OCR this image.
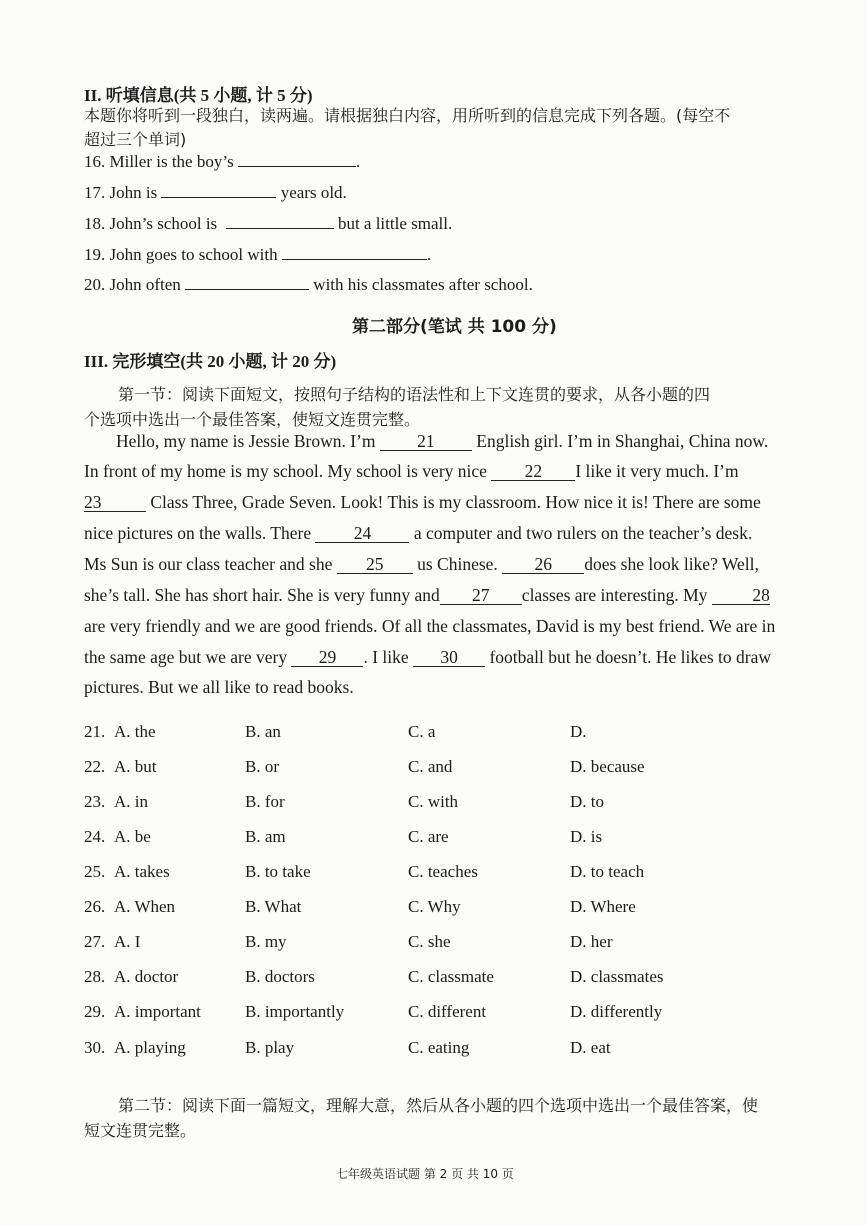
II. 听填信息(共 5 小题, 计 5 分)
本题你将听到一段独白，读两遍。请根据独白内容，用所听到的信息完成下列各题。(每空不
超过三个单词)
16. Miller is the boy’s	.
17. John is	years old.
18. John’s school is	but a little small.
19. John goes to school with	.
20. John often	with his classmates after school.
第二部分(笔试 共 100 分)
III. 完形填空(共 20 小题, 计 20 分)
第一节：阅读下面短文，按照句子结构的语法性和上下文连贯的要求，从各小题的四
个选项中选出一个最佳答案，使短文连贯完整。
Hello, my name is Jessie Brown. I’m 21 English girl. I’m in Shanghai, China now.
In front of my home is my school. My school is very nice 22 I like it very much. I’m
23	Class Three, Grade Seven. Look! This is my classroom. How nice it is! There are some
nice pictures on the walls. There 24 a computer and two rulers on the teacher’s desk.
Ms Sun is our class teacher and she 25 us Chinese. 26 does she look like? Well,
she’s tall. She has short hair. She is very funny and 27 classes are interesting. My	28
are very friendly and we are good friends. Of all the classmates, David is my best friend. We are in
the same age but we are very 29 . I like 30 football but he doesn’t. He likes to draw
pictures. But we all like to read books.
21. A. the	B. an	C. a	D.
22. A. but	B. or	C. and	D. because
23. A. in	B. for	C. with	D. to
24. A. be	B. am	C. are	D. is
25. A. takes	B. to take	C. teaches	D. to teach
26. A. When	B. What	C. Why	D. Where
27. A. I	B. my	C. she	D. her
28. A. doctor	B. doctors	C. classmate	D. classmates
29. A. important	B. importantly	C. different	D. differently
30. A. playing	B. play	C. eating	D. eat
第二节：阅读下面一篇短文，理解大意，然后从各小题的四个选项中选出一个最佳答案，使
短文连贯完整。
七年级英语试题 第 2 页 共 10 页
